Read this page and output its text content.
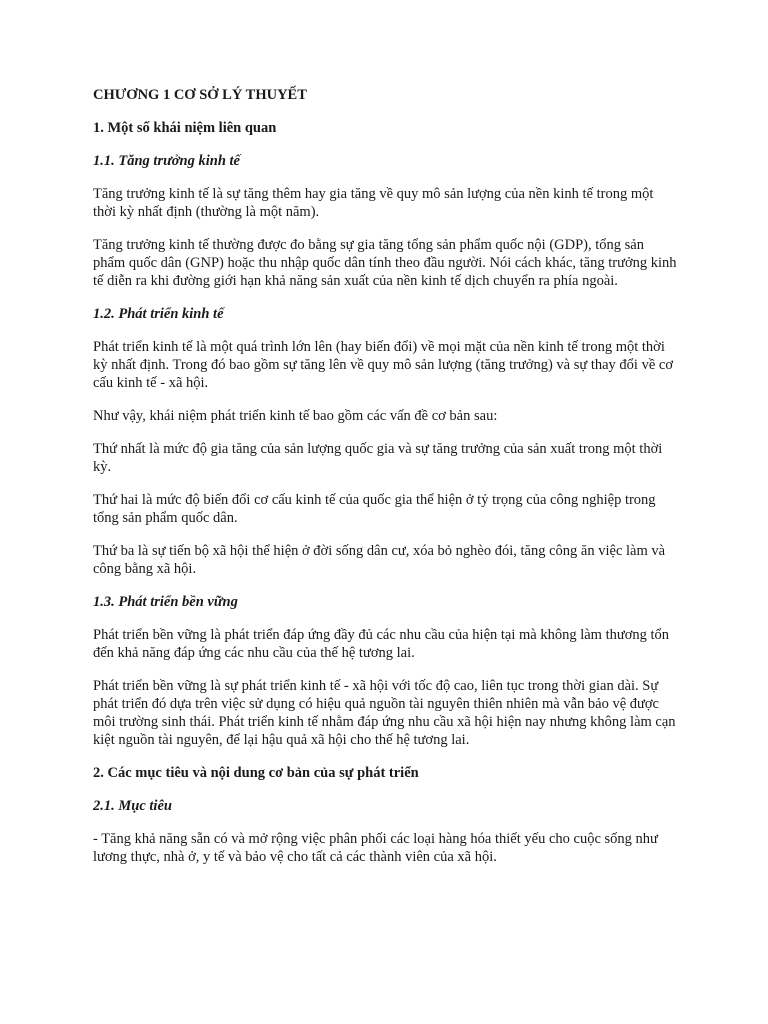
CHƯƠNG 1 CƠ SỞ LÝ THUYẾT
1. Một số khái niệm liên quan
1.1. Tăng trưởng kinh tế
Tăng trưởng kinh tế là sự tăng thêm hay gia tăng về quy mô sản lượng của nền kinh tế trong một thời kỳ nhất định (thường là một năm).
Tăng trưởng kinh tế thường được đo bằng sự gia tăng tổng sản phẩm quốc nội (GDP), tổng sản phẩm quốc dân (GNP) hoặc thu nhập quốc dân tính theo đầu người. Nói cách khác, tăng trưởng kinh tế diễn ra khi đường giới hạn khả năng sản xuất của nền kinh tế dịch chuyển ra phía ngoài.
1.2. Phát triển kinh tế
Phát triển kinh tế là một quá trình lớn lên (hay biến đổi) về mọi mặt của nền kinh tế trong một thời kỳ nhất định. Trong đó bao gồm sự tăng lên về quy mô sản lượng (tăng trưởng) và sự thay đổi về cơ cấu kinh tế - xã hội.
Như vậy, khái niệm phát triển kinh tế bao gồm các vấn đề cơ bản sau:
Thứ nhất là mức độ gia tăng của sản lượng quốc gia và sự tăng trưởng của sản xuất trong một thời kỳ.
Thứ hai là mức độ biến đổi cơ cấu kinh tế của quốc gia thể hiện ở tỷ trọng của công nghiệp trong tổng sản phẩm quốc dân.
Thứ ba là sự tiến bộ xã hội thể hiện ở đời sống dân cư, xóa bỏ nghèo đói, tăng công ăn việc làm và công bằng xã hội.
1.3. Phát triển bền vững
Phát triển bền vững là phát triển đáp ứng đầy đủ các nhu cầu của hiện tại mà không làm thương tổn đến khả năng đáp ứng các nhu cầu của thế hệ tương lai.
Phát triển bền vững là sự phát triển kinh tế - xã hội với tốc độ cao, liên tục trong thời gian dài. Sự phát triển đó dựa trên việc sử dụng có hiệu quả nguồn tài nguyên thiên nhiên mà vẫn bảo vệ được môi trường sinh thái. Phát triển kinh tế nhằm đáp ứng nhu cầu xã hội hiện nay nhưng không làm cạn kiệt nguồn tài nguyên, để lại hậu quả xã hội cho thế hệ tương lai.
2. Các mục tiêu và nội dung cơ bản của sự phát triển
2.1. Mục tiêu
- Tăng khả năng sẵn có và mở rộng việc phân phối các loại hàng hóa thiết yếu cho cuộc sống như lương thực, nhà ở, y tế và bảo vệ cho tất cả các thành viên của xã hội.
